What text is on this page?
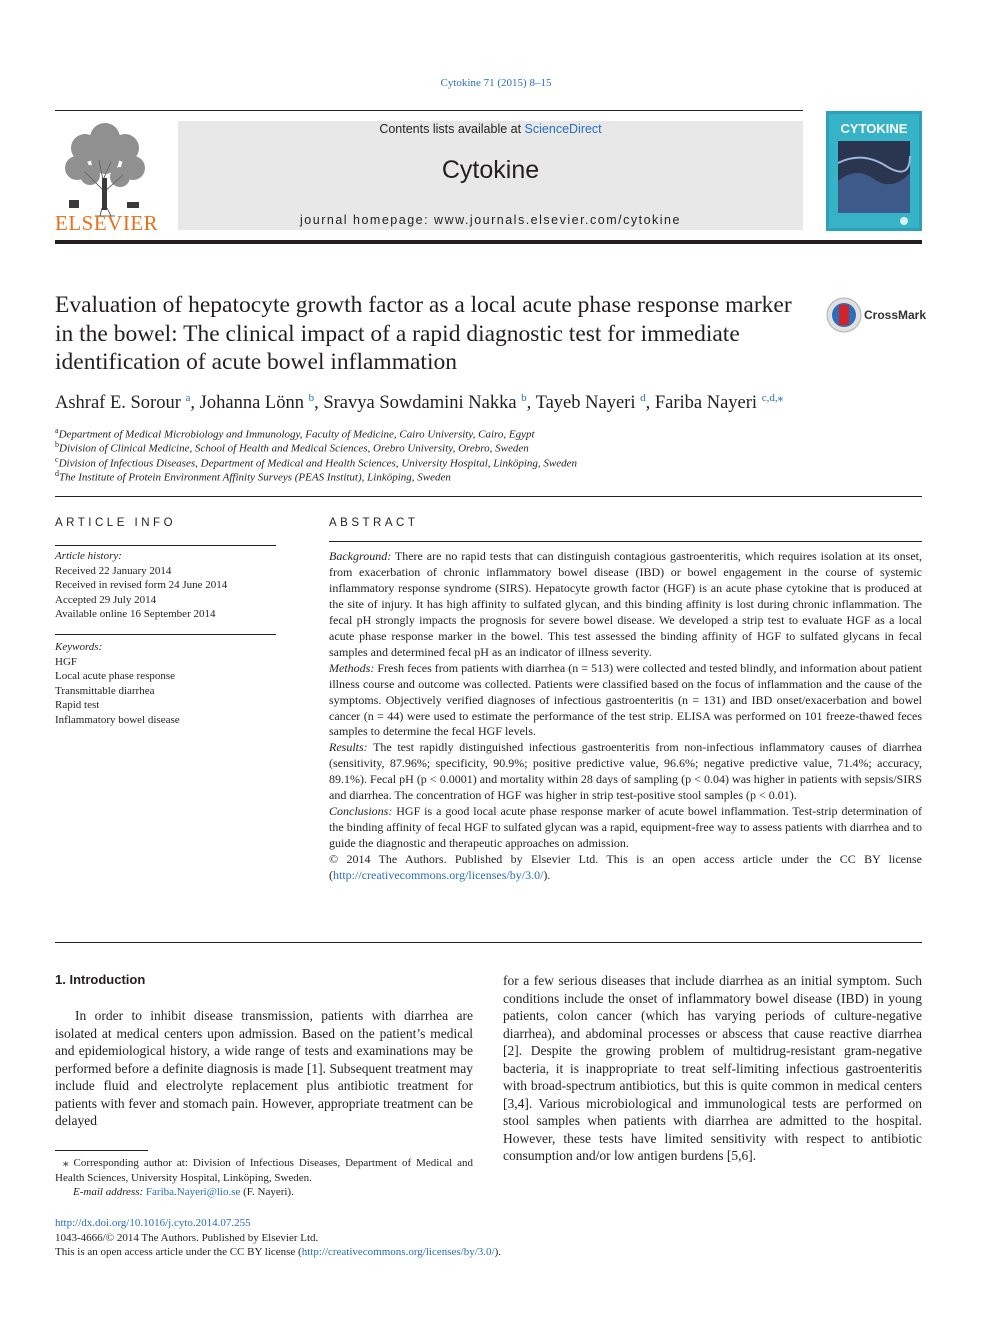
Cytokine 71 (2015) 8–15
ELSEVIER
Contents lists available at ScienceDirect
Cytokine
journal homepage: www.journals.elsevier.com/cytokine
CYTOKINE
Evaluation of hepatocyte growth factor as a local acute phase response marker in the bowel: The clinical impact of a rapid diagnostic test for immediate identification of acute bowel inflammation
CrossMark
Ashraf E. Sorour $^a$, Johanna Lönn $^b$, Sravya Sowdamini Nakka $^b$, Tayeb Nayeri $^d$, Fariba Nayeri $^{c,d,⁎}$
$^a$Department of Medical Microbiology and Immunology, Faculty of Medicine, Cairo University, Cairo, Egypt
$^b$Division of Clinical Medicine, School of Health and Medical Sciences, Orebro University, Orebro, Sweden
$^c$Division of Infectious Diseases, Department of Medical and Health Sciences, University Hospital, Linköping, Sweden
$^d$The Institute of Protein Environment Affinity Surveys (PEAS Institut), Linköping, Sweden
ARTICLE INFO
Article history:
Received 22 January 2014
Received in revised form 24 June 2014
Accepted 29 July 2014
Available online 16 September 2014
Keywords:
HGF
Local acute phase response
Transmittable diarrhea
Rapid test
Inflammatory bowel disease
ABSTRACT

Background: There are no rapid tests that can distinguish contagious gastroenteritis, which requires isolation at its onset, from exacerbation of chronic inflammatory bowel disease (IBD) or bowel engagement in the course of systemic inflammatory response syndrome (SIRS). Hepatocyte growth factor (HGF) is an acute phase cytokine that is produced at the site of injury. It has high affinity to sulfated glycan, and this binding affinity is lost during chronic inflammation. The fecal pH strongly impacts the prognosis for severe bowel disease. We developed a strip test to evaluate HGF as a local acute phase response marker in the bowel. This test assessed the binding affinity of HGF to sulfated glycans in fecal samples and determined fecal pH as an indicator of illness severity.

Methods: Fresh feces from patients with diarrhea (n = 513) were collected and tested blindly, and information about patient illness course and outcome was collected. Patients were classified based on the focus of inflammation and the cause of the symptoms. Objectively verified diagnoses of infectious gastroenteritis (n = 131) and IBD onset/exacerbation and bowel cancer (n = 44) were used to estimate the performance of the test strip. ELISA was performed on 101 freeze-thawed feces samples to determine the fecal HGF levels.

Results: The test rapidly distinguished infectious gastroenteritis from non-infectious inflammatory causes of diarrhea (sensitivity, 87.96%; specificity, 90.9%; positive predictive value, 96.6%; negative predictive value, 71.4%; accuracy, 89.1%). Fecal pH (p < 0.0001) and mortality within 28 days of sampling (p < 0.04) was higher in patients with sepsis/SIRS and diarrhea. The concentration of HGF was higher in strip test-positive stool samples (p < 0.01).

Conclusions: HGF is a good local acute phase response marker of acute bowel inflammation. Test-strip determination of the binding affinity of fecal HGF to sulfated glycan was a rapid, equipment-free way to assess patients with diarrhea and to guide the diagnostic and therapeutic approaches on admission.

© 2014 The Authors. Published by Elsevier Ltd. This is an open access article under the CC BY license (http://creativecommons.org/licenses/by/3.0/).

1. Introduction

In order to inhibit disease transmission, patients with diarrhea are isolated at medical centers upon admission. Based on the patient’s medical and epidemiological history, a wide range of tests and examinations may be performed before a definite diagnosis is made [1]. Subsequent treatment may include fluid and electrolyte replacement plus antibiotic treatment for patients with fever and stomach pain. However, appropriate treatment can be delayed

for a few serious diseases that include diarrhea as an initial symptom. Such conditions include the onset of inflammatory bowel disease (IBD) in young patients, colon cancer (which has varying periods of culture-negative diarrhea), and abdominal processes or abscess that cause reactive diarrhea [2]. Despite the growing problem of multidrug-resistant gram-negative bacteria, it is inappropriate to treat self-limiting infectious gastroenteritis with broad-spectrum antibiotics, but this is quite common in medical centers [3,4]. Various microbiological and immunological tests are performed on stool samples when patients with diarrhea are admitted to the hospital. However, these tests have limited sensitivity with respect to antibiotic consumption and/or low antigen burdens [5,6].

⁎ Corresponding author at: Division of Infectious Diseases, Department of Medical and Health Sciences, University Hospital, Linköping, Sweden.

E-mail address: Fariba.Nayeri@lio.se (F. Nayeri).

http://dx.doi.org/10.1016/j.cyto.2014.07.255

1043-4666/© 2014 The Authors. Published by Elsevier Ltd.

This is an open access article under the CC BY license (http://creativecommons.org/licenses/by/3.0/).
